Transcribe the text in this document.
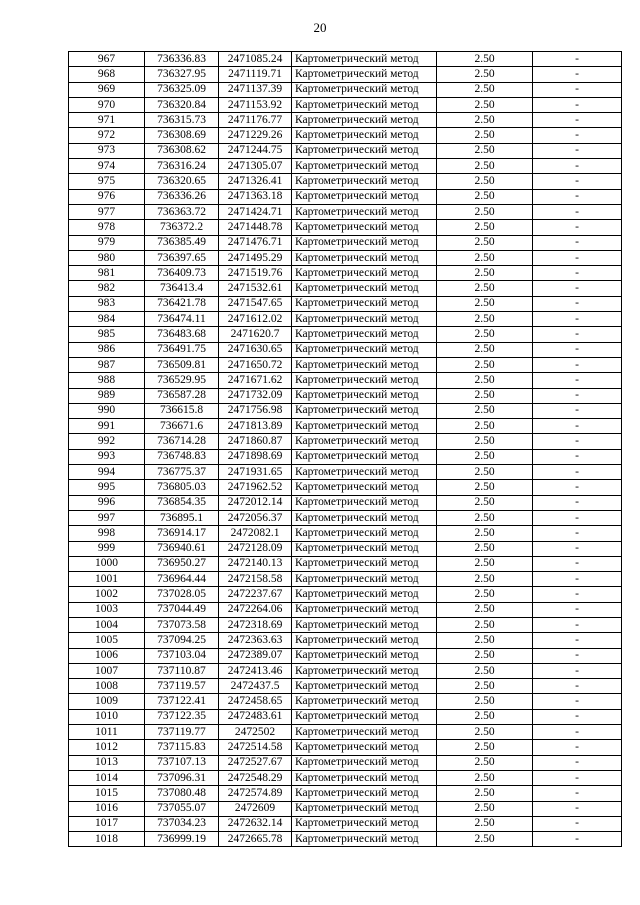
20
967	736336.83	2471085.24	Картометрический метод	2.50	-
968	736327.95	2471119.71	Картометрический метод	2.50	-
969	736325.09	2471137.39	Картометрический метод	2.50	-
970	736320.84	2471153.92	Картометрический метод	2.50	-
971	736315.73	2471176.77	Картометрический метод	2.50	-
972	736308.69	2471229.26	Картометрический метод	2.50	-
973	736308.62	2471244.75	Картометрический метод	2.50	-
974	736316.24	2471305.07	Картометрический метод	2.50	-
975	736320.65	2471326.41	Картометрический метод	2.50	-
976	736336.26	2471363.18	Картометрический метод	2.50	-
977	736363.72	2471424.71	Картометрический метод	2.50	-
978	736372.2	2471448.78	Картометрический метод	2.50	-
979	736385.49	2471476.71	Картометрический метод	2.50	-
980	736397.65	2471495.29	Картометрический метод	2.50	-
981	736409.73	2471519.76	Картометрический метод	2.50	-
982	736413.4	2471532.61	Картометрический метод	2.50	-
983	736421.78	2471547.65	Картометрический метод	2.50	-
984	736474.11	2471612.02	Картометрический метод	2.50	-
985	736483.68	2471620.7	Картометрический метод	2.50	-
986	736491.75	2471630.65	Картометрический метод	2.50	-
987	736509.81	2471650.72	Картометрический метод	2.50	-
988	736529.95	2471671.62	Картометрический метод	2.50	-
989	736587.28	2471732.09	Картометрический метод	2.50	-
990	736615.8	2471756.98	Картометрический метод	2.50	-
991	736671.6	2471813.89	Картометрический метод	2.50	-
992	736714.28	2471860.87	Картометрический метод	2.50	-
993	736748.83	2471898.69	Картометрический метод	2.50	-
994	736775.37	2471931.65	Картометрический метод	2.50	-
995	736805.03	2471962.52	Картометрический метод	2.50	-
996	736854.35	2472012.14	Картометрический метод	2.50	-
997	736895.1	2472056.37	Картометрический метод	2.50	-
998	736914.17	2472082.1	Картометрический метод	2.50	-
999	736940.61	2472128.09	Картометрический метод	2.50	-
1000	736950.27	2472140.13	Картометрический метод	2.50	-
1001	736964.44	2472158.58	Картометрический метод	2.50	-
1002	737028.05	2472237.67	Картометрический метод	2.50	-
1003	737044.49	2472264.06	Картометрический метод	2.50	-
1004	737073.58	2472318.69	Картометрический метод	2.50	-
1005	737094.25	2472363.63	Картометрический метод	2.50	-
1006	737103.04	2472389.07	Картометрический метод	2.50	-
1007	737110.87	2472413.46	Картометрический метод	2.50	-
1008	737119.57	2472437.5	Картометрический метод	2.50	-
1009	737122.41	2472458.65	Картометрический метод	2.50	-
1010	737122.35	2472483.61	Картометрический метод	2.50	-
1011	737119.77	2472502	Картометрический метод	2.50	-
1012	737115.83	2472514.58	Картометрический метод	2.50	-
1013	737107.13	2472527.67	Картометрический метод	2.50	-
1014	737096.31	2472548.29	Картометрический метод	2.50	-
1015	737080.48	2472574.89	Картометрический метод	2.50	-
1016	737055.07	2472609	Картометрический метод	2.50	-
1017	737034.23	2472632.14	Картометрический метод	2.50	-
1018	736999.19	2472665.78	Картометрический метод	2.50	-
